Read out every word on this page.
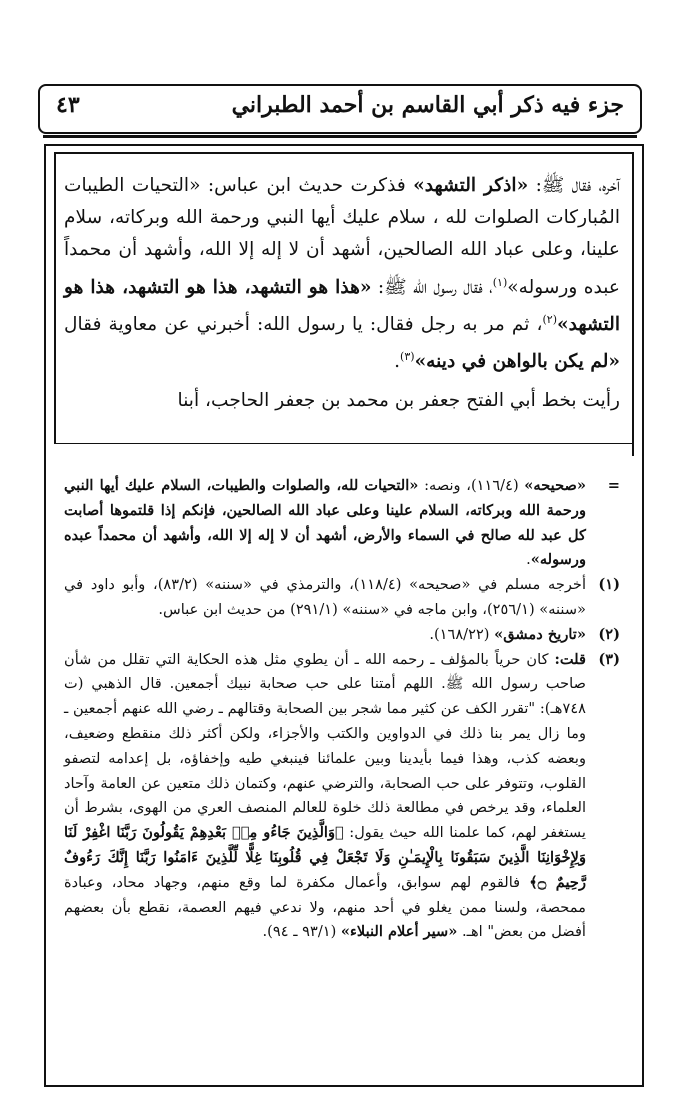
جزء فيه ذكر أبي القاسم بن أحمد الطبراني
٤٣

آخره، فقال ﷺ: «اذكر التشهد» فذكرت حديث ابن عباس: «التحيات الطيبات المُباركات الصلوات لله ، سلام عليك أيها النبي ورحمة الله وبركاته، سلام علينا، وعلى عباد الله الصالحين، أشهد أن لا إله إلا الله، وأشهد أن محمداً عبده ورسوله»$^{(١)}$، فقال رسول الله ﷺ: «هذا هو التشهد، هذا هو التشهد، هذا هو التشهد»$^{(٢)}$، ثم مر به رجل فقال: يا رسول الله: أخبرني عن معاوية فقال «لم يكن بالواهن في دينه»$^{(٣)}$.

رأيت بخط أبي الفتح جعفر بن محمد بن جعفر الحاجب، أبنا

=
«صحيحه» (١١٦/٤)، ونصه: «التحيات لله، والصلوات والطيبات، السلام عليك أيها النبي ورحمة الله وبركاته، السلام علينا وعلى عباد الله الصالحين، فإنكم إذا قلتموها أصابت كل عبد لله صالح في السماء والأرض، أشهد أن لا إله إلا الله، وأشهد أن محمداً عبده ورسوله».
(١)
أخرجه مسلم في «صحيحه» (١١٨/٤)، والترمذي في «سننه» (٨٣/٢)، وأبو داود في «سننه» (٢٥٦/١)، وابن ماجه في «سننه» (٢٩١/١) من حديث ابن عباس.
(٢)
«تاريخ دمشق» (١٦٨/٢٢).
(٣)
قلت: كان حرياً بالمؤلف ـ رحمه الله ـ أن يطوي مثل هذه الحكاية التي تقلل من شأن صاحب رسول الله ﷺ. اللهم أمتنا على حب صحابة نبيك أجمعين. قال الذهبي (ت ٧٤٨هـ): "تقرر الكف عن كثير مما شجر بين الصحابة وقتالهم ـ رضي الله عنهم أجمعين ـ وما زال يمر بنا ذلك في الدواوين والكتب والأجزاء، ولكن أكثر ذلك منقطع وضعيف، وبعضه كذب، وهذا فيما بأيدينا وبين علمائنا فينبغي طيه وإخفاؤه، بل إعدامه لتصفو القلوب، وتتوفر على حب الصحابة، والترضي عنهم، وكتمان ذلك متعين عن العامة وآحاد العلماء، وقد يرخص في مطالعة ذلك خلوة للعالم المنصف العري من الهوى، بشرط أن يستغفر لهم، كما علمنا الله حيث يقول: ﴿وَالَّذِينَ جَاءُو مِنۢ بَعْدِهِمْ يَقُولُونَ رَبَّنَا اغْفِرْ لَنَا وَلِإِخْوَانِنَا الَّذِينَ سَبَقُونَا بِالْإِيمَـٰنِ وَلَا تَجْعَلْ فِي قُلُوبِنَا غِلًّا لِّلَّذِينَ ءَامَنُوا رَبَّنَا إِنَّكَ رَءُوفٌ رَّحِيمٌ ۝﴾ فالقوم لهم سوابق، وأعمال مكفرة لما وقع منهم، وجهاد محاد، وعبادة ممحصة، ولسنا ممن يغلو في أحد منهم، ولا ندعي فيهم العصمة، نقطع بأن بعضهم أفضل من بعض" اهـ. «سير أعلام النبلاء» (٩٣/١ ـ ٩٤).
